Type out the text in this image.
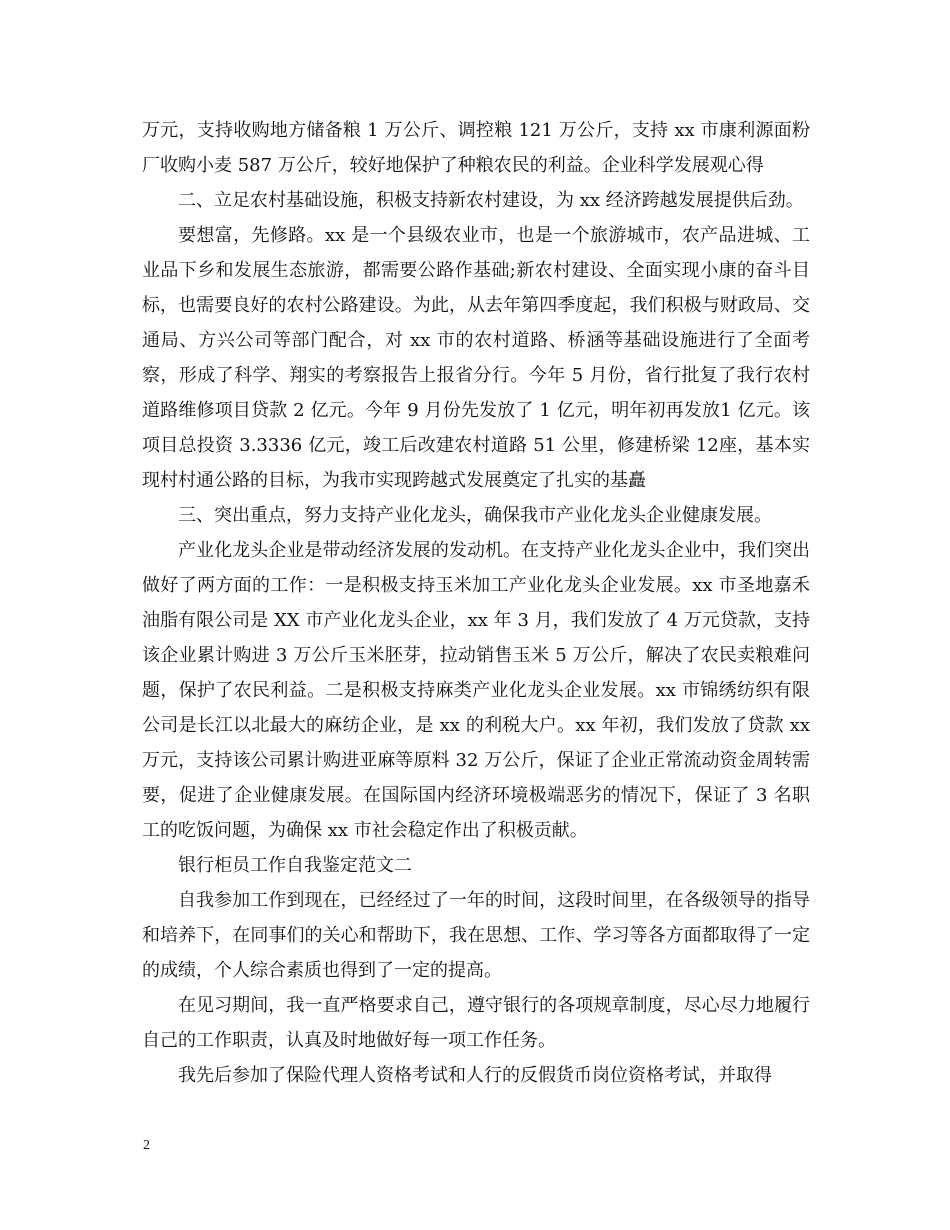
万元，支持收购地方储备粮 1 万公斤、调控粮 121 万公斤，支持 xx 市康利源面粉厂收购小麦 587 万公斤，较好地保护了种粮农民的利益。企业科学发展观心得
二、立足农村基础设施，积极支持新农村建设，为 xx 经济跨越发展提供后劲。
要想富，先修路。xx 是一个县级农业市，也是一个旅游城市，农产品进城、工业品下乡和发展生态旅游，都需要公路作基础;新农村建设、全面实现小康的奋斗目标，也需要良好的农村公路建设。为此，从去年第四季度起，我们积极与财政局、交通局、方兴公司等部门配合，对 xx 市的农村道路、桥涵等基础设施进行了全面考察，形成了科学、翔实的考察报告上报省分行。今年 5 月份，省行批复了我行农村道路维修项目贷款 2 亿元。今年 9 月份先发放了 1 亿元，明年初再发放1 亿元。该项目总投资 3.3336 亿元，竣工后改建农村道路 51 公里，修建桥梁 12座，基本实现村村通公路的目标，为我市实现跨越式发展奠定了扎实的基矗
三、突出重点，努力支持产业化龙头，确保我市产业化龙头企业健康发展。
产业化龙头企业是带动经济发展的发动机。在支持产业化龙头企业中，我们突出做好了两方面的工作：一是积极支持玉米加工产业化龙头企业发展。xx 市圣地嘉禾油脂有限公司是 XX 市产业化龙头企业，xx 年 3 月，我们发放了 4 万元贷款，支持该企业累计购进 3 万公斤玉米胚芽，拉动销售玉米 5 万公斤，解决了农民卖粮难问题，保护了农民利益。二是积极支持麻类产业化龙头企业发展。xx 市锦绣纺织有限公司是长江以北最大的麻纺企业，是 xx 的利税大户。xx 年初，我们发放了贷款 xx 万元，支持该公司累计购进亚麻等原料 32 万公斤，保证了企业正常流动资金周转需要，促进了企业健康发展。在国际国内经济环境极端恶劣的情况下，保证了 3 名职工的吃饭问题，为确保 xx 市社会稳定作出了积极贡献。
银行柜员工作自我鉴定范文二
自我参加工作到现在，已经经过了一年的时间，这段时间里，在各级领导的指导和培养下，在同事们的关心和帮助下，我在思想、工作、学习等各方面都取得了一定的成绩，个人综合素质也得到了一定的提高。
在见习期间，我一直严格要求自己，遵守银行的各项规章制度，尽心尽力地履行自己的工作职责，认真及时地做好每一项工作任务。
我先后参加了保险代理人资格考试和人行的反假货币岗位资格考试，并取得
2
